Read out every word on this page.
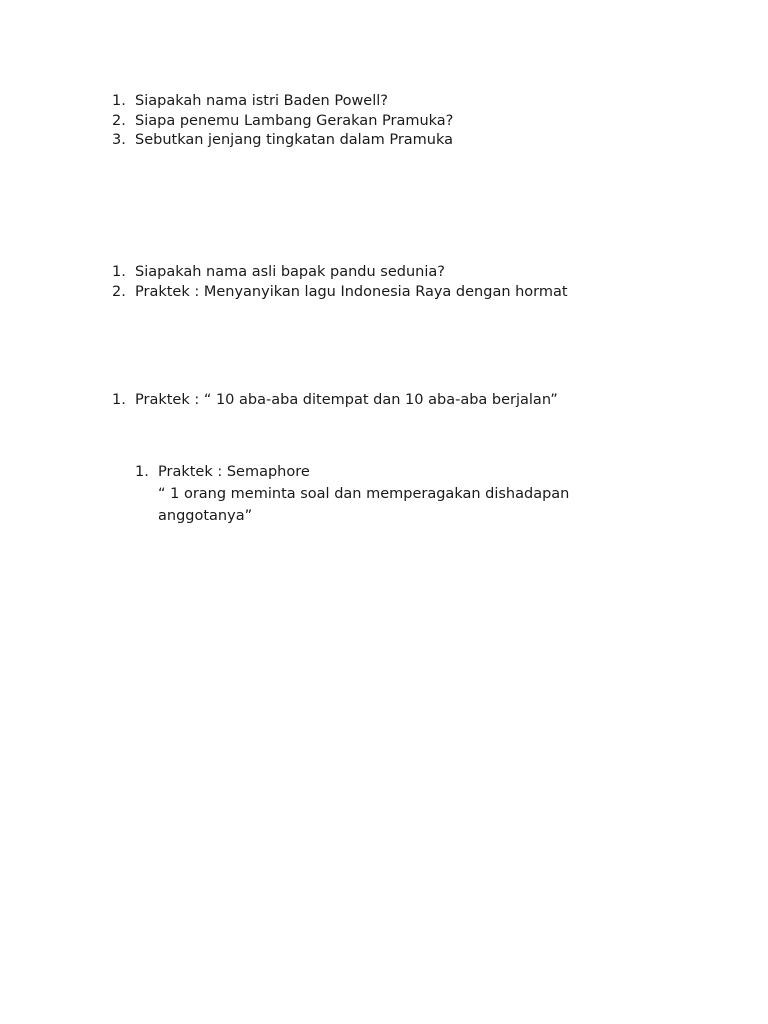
1. Siapakah nama istri Baden Powell?
2. Siapa penemu Lambang Gerakan Pramuka?
3. Sebutkan jenjang tingkatan dalam Pramuka
1. Siapakah nama asli bapak pandu sedunia?
2. Praktek : Menyanyikan lagu Indonesia Raya dengan hormat
1. Praktek : “ 10 aba-aba ditempat dan 10 aba-aba berjalan”
1. Praktek : Semaphore
“ 1 orang meminta soal dan memperagakan dishadapan
anggotanya”
